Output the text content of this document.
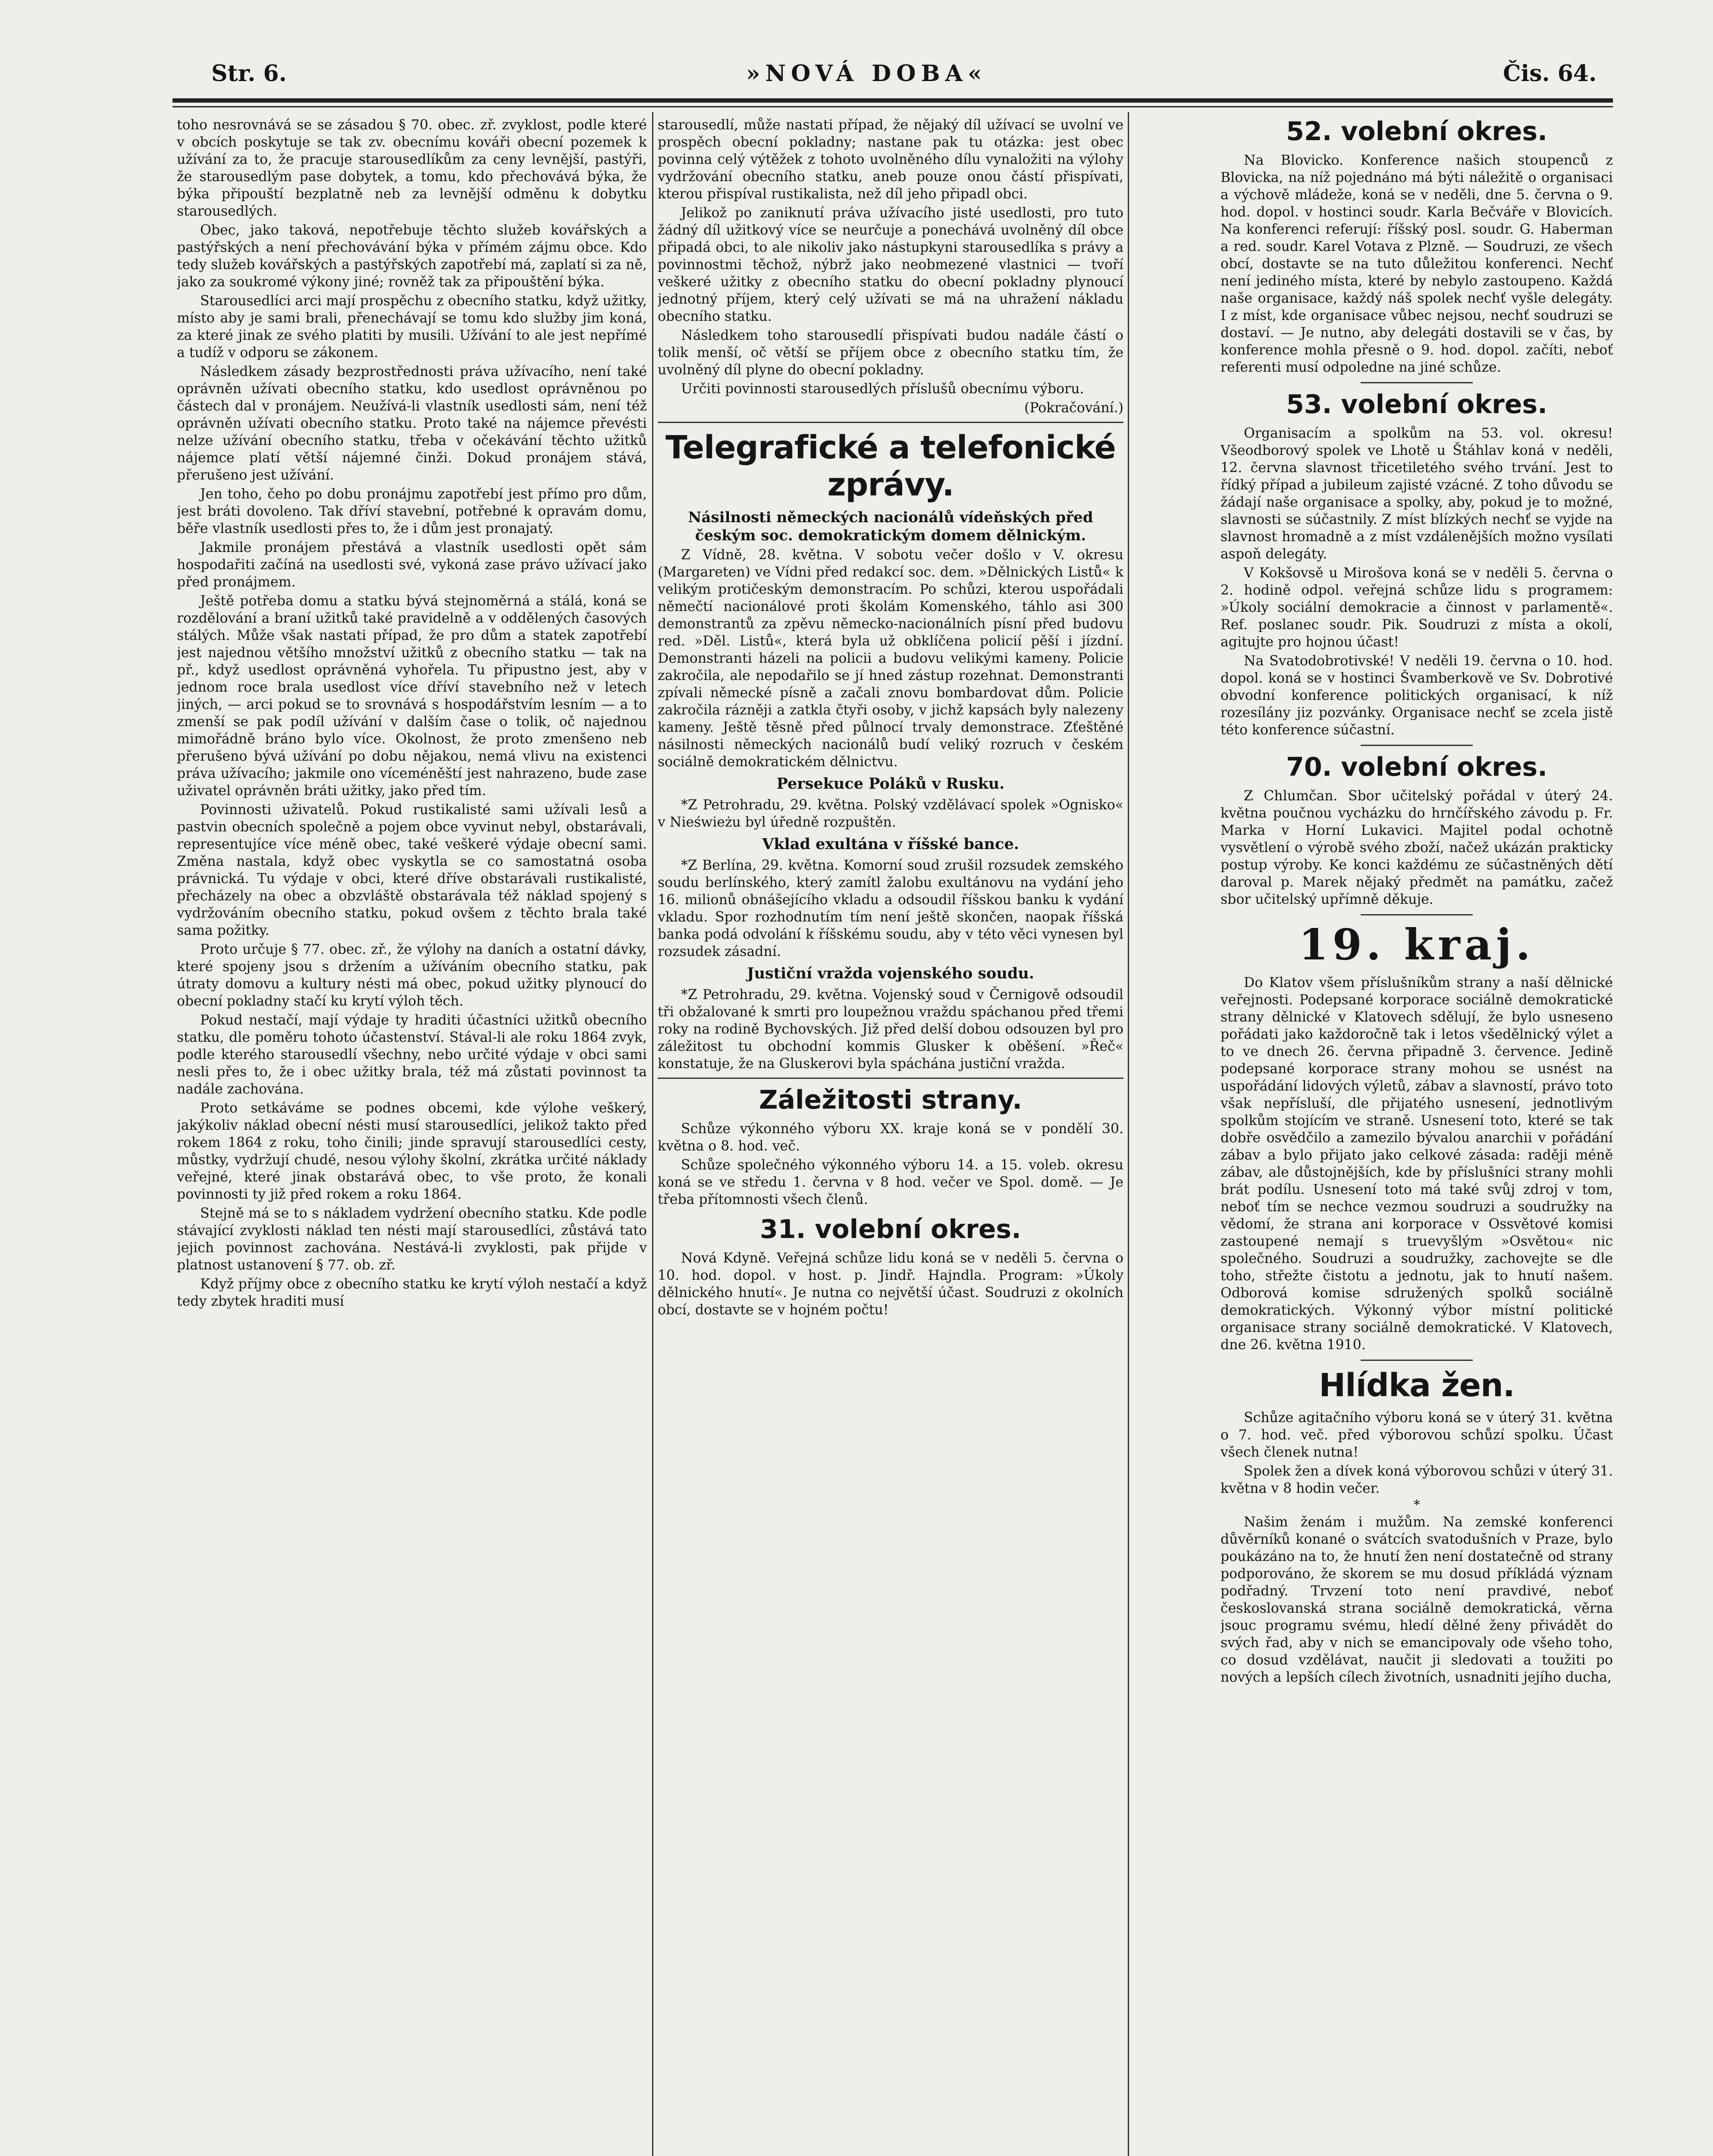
Str. 6.	»NOVÁ DOBA«	Čis. 64.

toho nesrovnává se se zásadou § 70. obec. zř. zvyklost, podle které v obcích poskytuje se tak zv. obecnímu kováři obecní pozemek k užívání za to, že pracuje starousedlíkům za ceny levnější, pastýři, že starousedlým pase dobytek, a tomu, kdo přechovává býka, že býka připouští bezplatně neb za levnější odměnu k dobytku starousedlých.

Obec, jako taková, nepotřebuje těchto služeb kovářských a pastýřských a není přechovávání býka v přímém zájmu obce. Kdo tedy služeb kovářských a pastýřských zapotřebí má, zaplatí si za ně, jako za soukromé výkony jiné; rovněž tak za připouštění býka.

Starousedlíci arci mají prospěchu z obecního statku, když užitky, místo aby je sami brali, přenechávají se tomu kdo služby jim koná, za které jinak ze svého platiti by musili. Užívání to ale jest nepřímé a tudíž v odporu se zákonem.

Následkem zásady bezprostřednosti práva užívacího, není také oprávněn užívati obecního statku, kdo usedlost oprávněnou po částech dal v pronájem. Neužívá-li vlastník usedlosti sám, není též oprávněn užívati obecního statku. Proto také na nájemce převésti nelze užívání obecního statku, třeba v očekávání těchto užitků nájemce platí větší nájemné činži. Dokud pronájem stává, přerušeno jest užívání.

Jen toho, čeho po dobu pronájmu zapotřebí jest přímo pro dům, jest bráti dovoleno. Tak dříví stavební, potřebné k opravám domu, běře vlastník usedlosti přes to, že i dům jest pronajatý.

Jakmile pronájem přestává a vlastník usedlosti opět sám hospodařiti začíná na usedlosti své, vykoná zase právo užívací jako před pronájmem.

Ještě potřeba domu a statku bývá stejnoměrná a stálá, koná se rozdělování a braní užitků také pravidelně a v oddělených časových stálých. Může však nastati případ, že pro dům a statek zapotřebí jest najednou většího množství užitků z obecního statku — tak na př., když usedlost oprávněná vyhořela. Tu připustno jest, aby v jednom roce brala usedlost více dříví stavebního než v letech jiných, — arci pokud se to srovnává s hospodářstvím lesním — a to zmenší se pak podíl užívání v dalším čase o tolik, oč najednou mimořádně bráno bylo více. Okolnost, že proto zmenšeno neb přerušeno bývá užívání po dobu nějakou, nemá vlivu na existenci práva užívacího; jakmile ono víceméněští jest nahrazeno, bude zase uživatel oprávněn bráti užitky, jako před tím.

Povinnosti uživatelů. Pokud rustikalisté sami užívali lesů a pastvin obecních společně a pojem obce vyvinut nebyl, obstarávali, representujíce více méně obec, také veškeré výdaje obecní sami. Změna nastala, když obec vyskytla se co samostatná osoba právnická. Tu výdaje v obci, které dříve obstarávali rustikalisté, přecházely na obec a obzvláště obstarávala též náklad spojený s vydržováním obecního statku, pokud ovšem z těchto brala také sama požitky.

Proto určuje § 77. obec. zř., že výlohy na daních a ostatní dávky, které spojeny jsou s držením a užíváním obecního statku, pak útraty domovu a kultury nésti má obec, pokud užitky plynoucí do obecní pokladny stačí ku krytí výloh těch.

Pokud nestačí, mají výdaje ty hraditi účastníci užitků obecního statku, dle poměru tohoto účastenství. Stával-li ale roku 1864 zvyk, podle kterého starousedlí všechny, nebo určité výdaje v obci sami nesli přes to, že i obec užitky brala, též má zůstati povinnost ta nadále zachována.

Proto setkáváme se podnes obcemi, kde výlohe veškerý, jakýkoliv náklad obecní nésti musí starousedlíci, jelikož takto před rokem 1864 z roku, toho činili; jinde spravují starousedlíci cesty, můstky, vydržují chudé, nesou výlohy školní, zkrátka určité náklady veřejné, které jinak obstarává obec, to vše proto, že konali povinnosti ty již před rokem a roku 1864.

Stejně má se to s nákladem vydržení obecního statku. Kde podle stávající zvyklosti náklad ten nésti mají starousedlíci, zůstává tato jejich povinnost zachována. Nestává-li zvyklosti, pak přijde v platnost ustanovení § 77. ob. zř.

Když příjmy obce z obecního statku ke krytí výloh nestačí a když tedy zbytek hraditi musí

starousedlí, může nastati případ, že nějaký díl užívací se uvolní ve prospěch obecní pokladny; nastane pak tu otázka: jest obec povinna celý výtěžek z tohoto uvolněného dílu vynaložiti na výlohy vydržování obecního statku, aneb pouze onou částí přispívati, kterou přispíval rustikalista, než díl jeho připadl obci.

Jelikož po zaniknutí práva užívacího jisté usedlosti, pro tuto žádný díl užitkový více se neurčuje a ponechává uvolněný díl obce připadá obci, to ale nikoliv jako nástupkyni starousedlíka s právy a povinnostmi těchož, nýbrž jako neobmezené vlastnici — tvoří veškeré užitky z obecního statku do obecní pokladny plynoucí jednotný příjem, který celý užívati se má na uhražení nákladu obecního statku.

Následkem toho starousedlí přispívati budou nadále částí o tolik menší, oč větší se příjem obce z obecního statku tím, že uvolněný díl plyne do obecní pokladny.

Určiti povinnosti starousedlých příslušů obecnímu výboru.

(Pokračování.)

Telegrafické a telefonické zprávy.

Násilnosti německých nacionálů vídeňských před českým soc. demokratickým domem dělnickým.

Z Vídně, 28. května. V sobotu večer došlo v V. okresu (Margareten) ve Vídni před redakcí soc. dem. »Dělnických Listů« k velikým protičeským demonstracím. Po schůzi, kterou uspořádali němečtí nacionálové proti školám Komenského, táhlo asi 300 demonstrantů za zpěvu německo-nacionálních písní před budovu red. »Děl. Listů«, která byla už obklíčena policií pěší i jízdní. Demonstranti házeli na policii a budovu velikými kameny. Policie zakročila, ale nepodařilo se jí hned zástup rozehnat. Demonstranti zpívali německé písně a začali znovu bombardovat dům. Policie zakročila rázněji a zatkla čtyři osoby, v jichž kapsách byly nalezeny kameny. Ještě těsně před půlnocí trvaly demonstrace. Zťeštěné násilnosti německých nacionálů budí veliký rozruch v českém sociálně demokratickém dělnictvu.

Persekuce Poláků v Rusku.

*Z Petrohradu, 29. května. Polský vzdělávací spolek »Ognisko« v Nieświeżu byl úředně rozpuštěn.

Vklad exultána v říšské bance.

*Z Berlína, 29. května. Komorní soud zrušil rozsudek zemského soudu berlínského, který zamítl žalobu exultánovu na vydání jeho 16. milionů obnášejícího vkladu a odsoudil říšskou banku k vydání vkladu. Spor rozhodnutím tím není ještě skončen, naopak říšská banka podá odvolání k říšskému soudu, aby v této věci vynesen byl rozsudek zásadní.

Justiční vražda vojenského soudu.

*Z Petrohradu, 29. května. Vojenský soud v Černigově odsoudil tři obžalované k smrti pro loupežnou vraždu spáchanou před třemi roky na rodině Bychovských. Již před delší dobou odsouzen byl pro záležitost tu obchodní kommis Glusker k oběšení. »Řeč« konstatuje, že na Gluskerovi byla spáchána justiční vražda.

Záležitosti strany.

Schůze výkonného výboru XX. kraje koná se v pondělí 30. května o 8. hod. več.

Schůze společného výkonného výboru 14. a 15. voleb. okresu koná se ve středu 1. června v 8 hod. večer ve Spol. domě. — Je třeba přítomnosti všech členů.

31. volební okres.

Nová Kdyně. Veřejná schůze lidu koná se v neděli 5. června o 10. hod. dopol. v host. p. Jindř. Hajndla. Program: »Úkoly dělnického hnutí«. Je nutna co největší účast. Soudruzi z okolních obcí, dostavte se v hojném počtu!

52. volební okres.

Na Blovicko. Konference našich stoupenců z Blovicka, na níž pojednáno má býti náležitě o organisaci a výchově mládeže, koná se v neděli, dne 5. června o 9. hod. dopol. v hostinci soudr. Karla Bečváře v Blovicích. Na konferenci referují: říšský posl. soudr. G. Haberman a red. soudr. Karel Votava z Plzně. — Soudruzi, ze všech obcí, dostavte se na tuto důležitou konferenci. Nechť není jediného místa, které by nebylo zastoupeno. Každá naše organisace, každý náš spolek nechť vyšle delegáty. I z míst, kde organisace vůbec nejsou, nechť soudruzi se dostaví. — Je nutno, aby delegáti dostavili se v čas, by konference mohla přesně o 9. hod. dopol. začíti, neboť referenti musí odpoledne na jiné schůze.

53. volební okres.

Organisacím a spolkům na 53. vol. okresu! Všeodborový spolek ve Lhotě u Štáhlav koná v neděli, 12. června slavnost třicetiletého svého trvání. Jest to řídký případ a jubileum zajisté vzácné. Z toho důvodu se žádají naše organisace a spolky, aby, pokud je to možné, slavnosti se súčastnily. Z míst blízkých nechť se vyjde na slavnost hromadně a z míst vzdálenějších možno vysílati aspoň delegáty.

V Kokšovsě u Mirošova koná se v neděli 5. června o 2. hodině odpol. veřejná schůze lidu s programem: »Úkoly sociální demokracie a činnost v parlamentě«. Ref. poslanec soudr. Pik. Soudruzi z místa a okolí, agitujte pro hojnou účast!

Na Svatodobrotivské! V neděli 19. června o 10. hod. dopol. koná se v hostinci Švamberkově ve Sv. Dobrotivé obvodní konference politických organisací, k níž rozesílány jiz pozvánky. Organisace nechť se zcela jistě této konference súčastní.

70. volební okres.

Z Chlumčan. Sbor učitelský pořádal v úterý 24. května poučnou vycházku do hrnčířského závodu p. Fr. Marka v Horní Lukavici. Majitel podal ochotně vysvětlení o výrobě svého zboží, načež ukázán prakticky postup výroby. Ke konci každému ze súčastněných dětí daroval p. Marek nějaký předmět na památku, začež sbor učitelský upřímně děkuje.

19. kraj.

Do Klatov všem příslušníkům strany a naší dělnické veřejnosti. Podepsané korporace sociálně demokratické strany dělnické v Klatovech sdělují, že bylo usneseno pořádati jako každoročně tak i letos všedělnický výlet a to ve dnech 26. června připadně 3. července. Jedině podepsané korporace strany mohou se usnést na uspořádání lidových výletů, zábav a slavností, právo toto však nepřísluší, dle přijatého usnesení, jednotlivým spolkům stojícím ve straně. Usnesení toto, které se tak dobře osvědčilo a zamezilo bývalou anarchii v pořádání zábav a bylo přijato jako celkové zásada: raději méně zábav, ale důstojnějších, kde by příslušníci strany mohli brát podílu. Usnesení toto má také svůj zdroj v tom, neboť tím se nechce vezmou soudruzi a soudružky na vědomí, že strana ani korporace v Ossvětové komisi zastoupené nemají s truevyšlým »Osvětou« nic společného. Soudruzi a soudružky, zachovejte se dle toho, střežte čistotu a jednotu, jak to hnutí našem. Odborová komise sdružených spolků sociálně demokratických. Výkonný výbor místní politické organisace strany sociálně demokratické. V Klatovech, dne 26. května 1910.

Hlídka žen.

Schůze agitačního výboru koná se v úterý 31. května o 7. hod. več. před výborovou schůzí spolku. Účast všech členek nutna!

Spolek žen a dívek koná výborovou schůzi v úterý 31. května v 8 hodin večer.

*

Našim ženám i mužům. Na zemské konferenci důvěrníků konané o svátcích svatodušních v Praze, bylo poukázáno na to, že hnutí žen není dostatečně od strany podporováno, že skorem se mu dosud příkládá význam podřadný. Trvzení toto není pravdivé, neboť českoslovanská strana sociálně demokratická, věrna jsouc programu svému, hledí dělné ženy přivádět do svých řad, aby v nich se emancipovaly ode všeho toho, co dosud vzdělávat, naučit ji sledovati a toužiti po nových a lepších cílech životních, usnadniti jejího ducha,
